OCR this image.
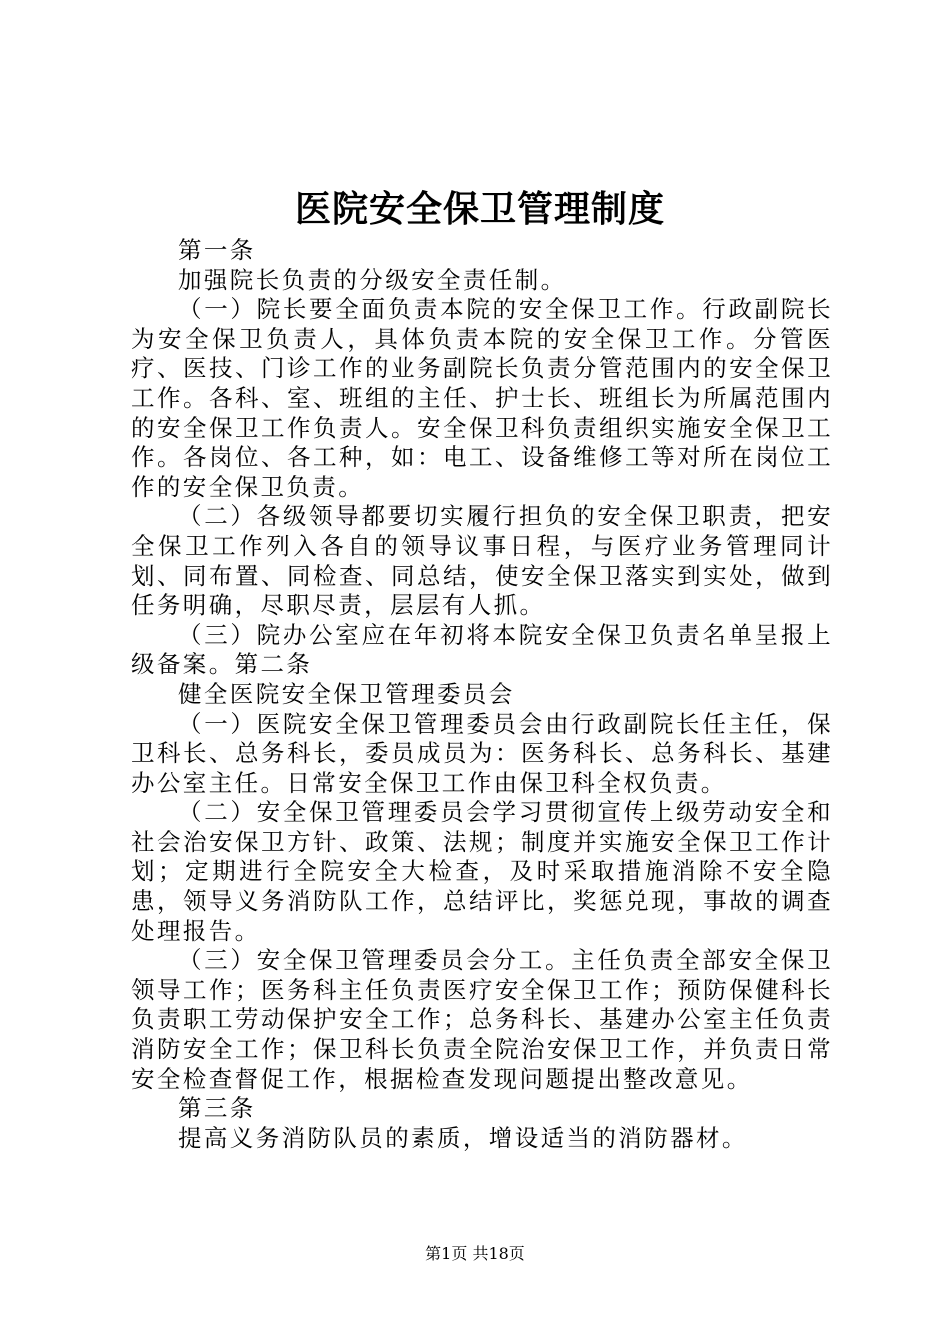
医院安全保卫管理制度

第一条

加强院长负责的分级安全责任制。

（一）院长要全面负责本院的安全保卫工作。行政副院长为安全保卫负责人，具体负责本院的安全保卫工作。分管医疗、医技、门诊工作的业务副院长负责分管范围内的安全保卫工作。各科、室、班组的主任、护士长、班组长为所属范围内的安全保卫工作负责人。安全保卫科负责组织实施安全保卫工作。各岗位、各工种，如：电工、设备维修工等对所在岗位工作的安全保卫负责。

（二）各级领导都要切实履行担负的安全保卫职责，把安全保卫工作列入各自的领导议事日程，与医疗业务管理同计划、同布置、同检查、同总结，使安全保卫落实到实处，做到任务明确，尽职尽责，层层有人抓。

（三）院办公室应在年初将本院安全保卫负责名单呈报上级备案。第二条

健全医院安全保卫管理委员会

（一）医院安全保卫管理委员会由行政副院长任主任，保卫科长、总务科长，委员成员为：医务科长、总务科长、基建办公室主任。日常安全保卫工作由保卫科全权负责。

（二）安全保卫管理委员会学习贯彻宣传上级劳动安全和社会治安保卫方针、政策、法规；制度并实施安全保卫工作计划；定期进行全院安全大检查，及时采取措施消除不安全隐患，领导义务消防队工作，总结评比，奖惩兑现，事故的调查处理报告。

（三）安全保卫管理委员会分工。主任负责全部安全保卫领导工作；医务科主任负责医疗安全保卫工作；预防保健科长负责职工劳动保护安全工作；总务科长、基建办公室主任负责消防安全工作；保卫科长负责全院治安保卫工作，并负责日常安全检查督促工作，根据检查发现问题提出整改意见。

第三条

提高义务消防队员的素质，增设适当的消防器材。

第1页 共18页
